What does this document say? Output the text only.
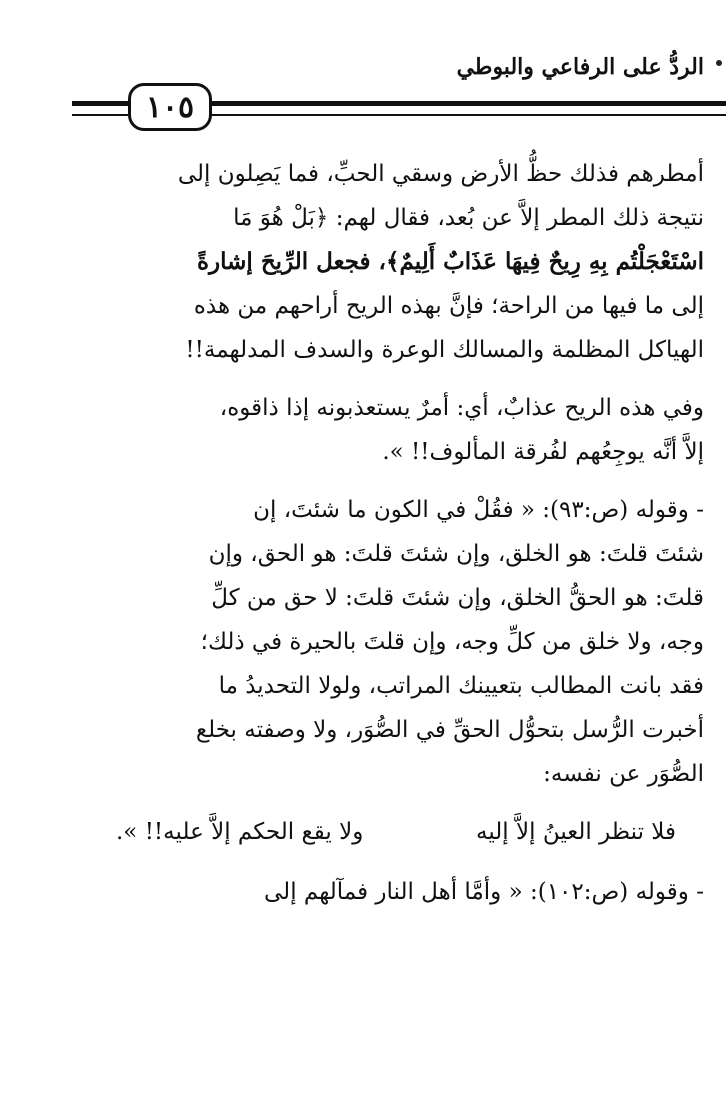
الردُّ على الرفاعي والبوطي
١٠٥
أمطرهم فذلك حظُّ الأرض وسقي الحبِّ، فما يَصِلون إلى
نتيجة ذلك المطر إلاَّ عن بُعد، فقال لهم: ﴿بَلْ هُوَ مَا
اسْتَعْجَلْتُم بِهِ رِيحٌ فِيهَا عَذَابٌ أَلِيمٌ﴾، فجعل الرِّيحَ إشارةً
إلى ما فيها من الراحة؛ فإنَّ بهذه الريح أراحهم من هذه
الهياكل المظلمة والمسالك الوعرة والسدف المدلهمة!!
وفي هذه الريح عذابٌ، أي: أمرٌ يستعذبونه إذا ذاقوه،
إلاَّ أنَّه يوجِعُهم لفُرقة المألوف!! ».
- وقوله (ص:٩٣): « فقُلْ في الكون ما شئتَ، إن
شئتَ قلتَ: هو الخلق، وإن شئتَ قلتَ: هو الحق، وإن
قلتَ: هو الحقُّ الخلق، وإن شئتَ قلتَ: لا حق من كلِّ
وجه، ولا خلق من كلِّ وجه، وإن قلتَ بالحيرة في ذلك؛
فقد بانت المطالب بتعيينك المراتب، ولولا التحديدُ ما
أخبرت الرُّسل بتحوُّل الحقِّ في الصُّوَر، ولا وصفته بخلع
الصُّوَر عن نفسه:
فلا تنظر العينُ إلاَّ إليه
ولا يقع الحكم إلاَّ عليه!! ».
- وقوله (ص:١٠٢): « وأمَّا أهل النار فمآلهم إلى
